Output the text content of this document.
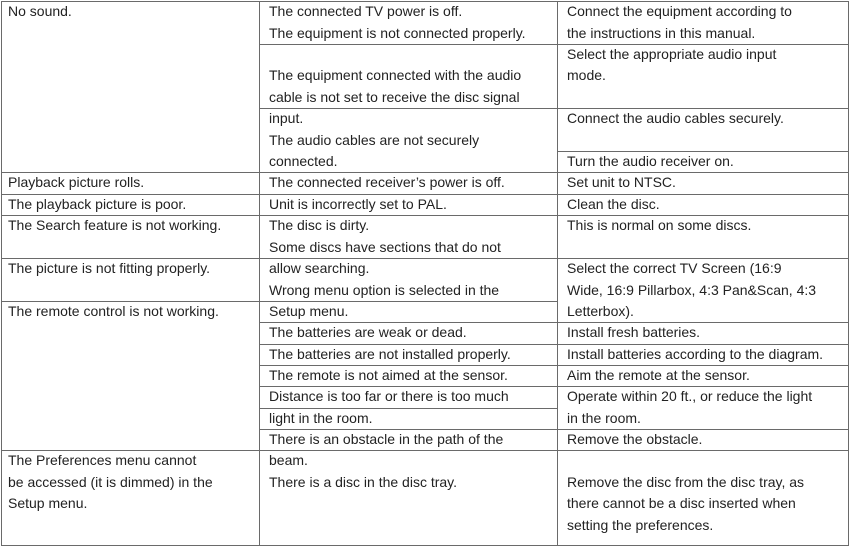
No sound.
Playback picture rolls.
The playback picture is poor.
The Search feature is not working.
The picture is not fitting properly.
The remote control is not working.
The Preferences menu cannot
be accessed (it is dimmed) in the
Setup menu.
The connected TV power is off.
The equipment is not connected properly.
The equipment connected with the audio
cable is not set to receive the disc signal
input.
The audio cables are not securely
connected.
The connected receiver’s power is off.
Unit is incorrectly set to PAL.
The disc is dirty.
Some discs have sections that do not
allow searching.
Wrong menu option is selected in the
Setup menu.
The batteries are weak or dead.
The batteries are not installed properly.
The remote is not aimed at the sensor.
Distance is too far or there is too much
light in the room.
There is an obstacle in the path of the
beam.
There is a disc in the disc tray.
Connect the equipment according to
the instructions in this manual.
Select the appropriate audio input
mode.
Connect the audio cables securely.
Turn the audio receiver on.
Set unit to NTSC.
Clean the disc.
This is normal on some discs.
Select the correct TV Screen (16:9
Wide, 16:9 Pillarbox, 4:3 Pan&Scan, 4:3
Letterbox).
Install fresh batteries.
Install batteries according to the diagram.
Aim the remote at the sensor.
Operate within 20 ft., or reduce the light
in the room.
Remove the obstacle.
Remove the disc from the disc tray, as
there cannot be a disc inserted when
setting the preferences.
